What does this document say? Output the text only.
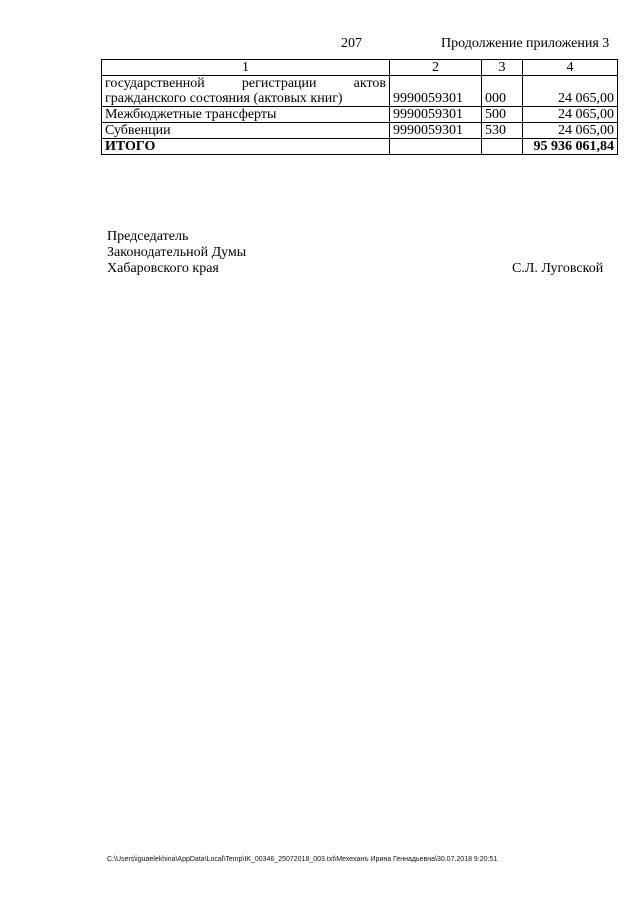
207	Продолжение приложения 3
1	2	3	4

государственной регистрации актов
гражданского состояния (актовых книг)	9990059301	000	24 065,00
Межбюджетные трансферты	9990059301	500	24 065,00
Субвенции	9990059301	530	24 065,00
ИТОГО			95 936 061,84
Председатель
Законодательной Думы
Хабаровского края	С.Л. Луговской
C:\Users\iguaelekhina\AppData\Local\Temp\IK_00346_25072018_003.txt\Мехеханъ Ирина Геннадьевна\30.07.2018 9:20:51
